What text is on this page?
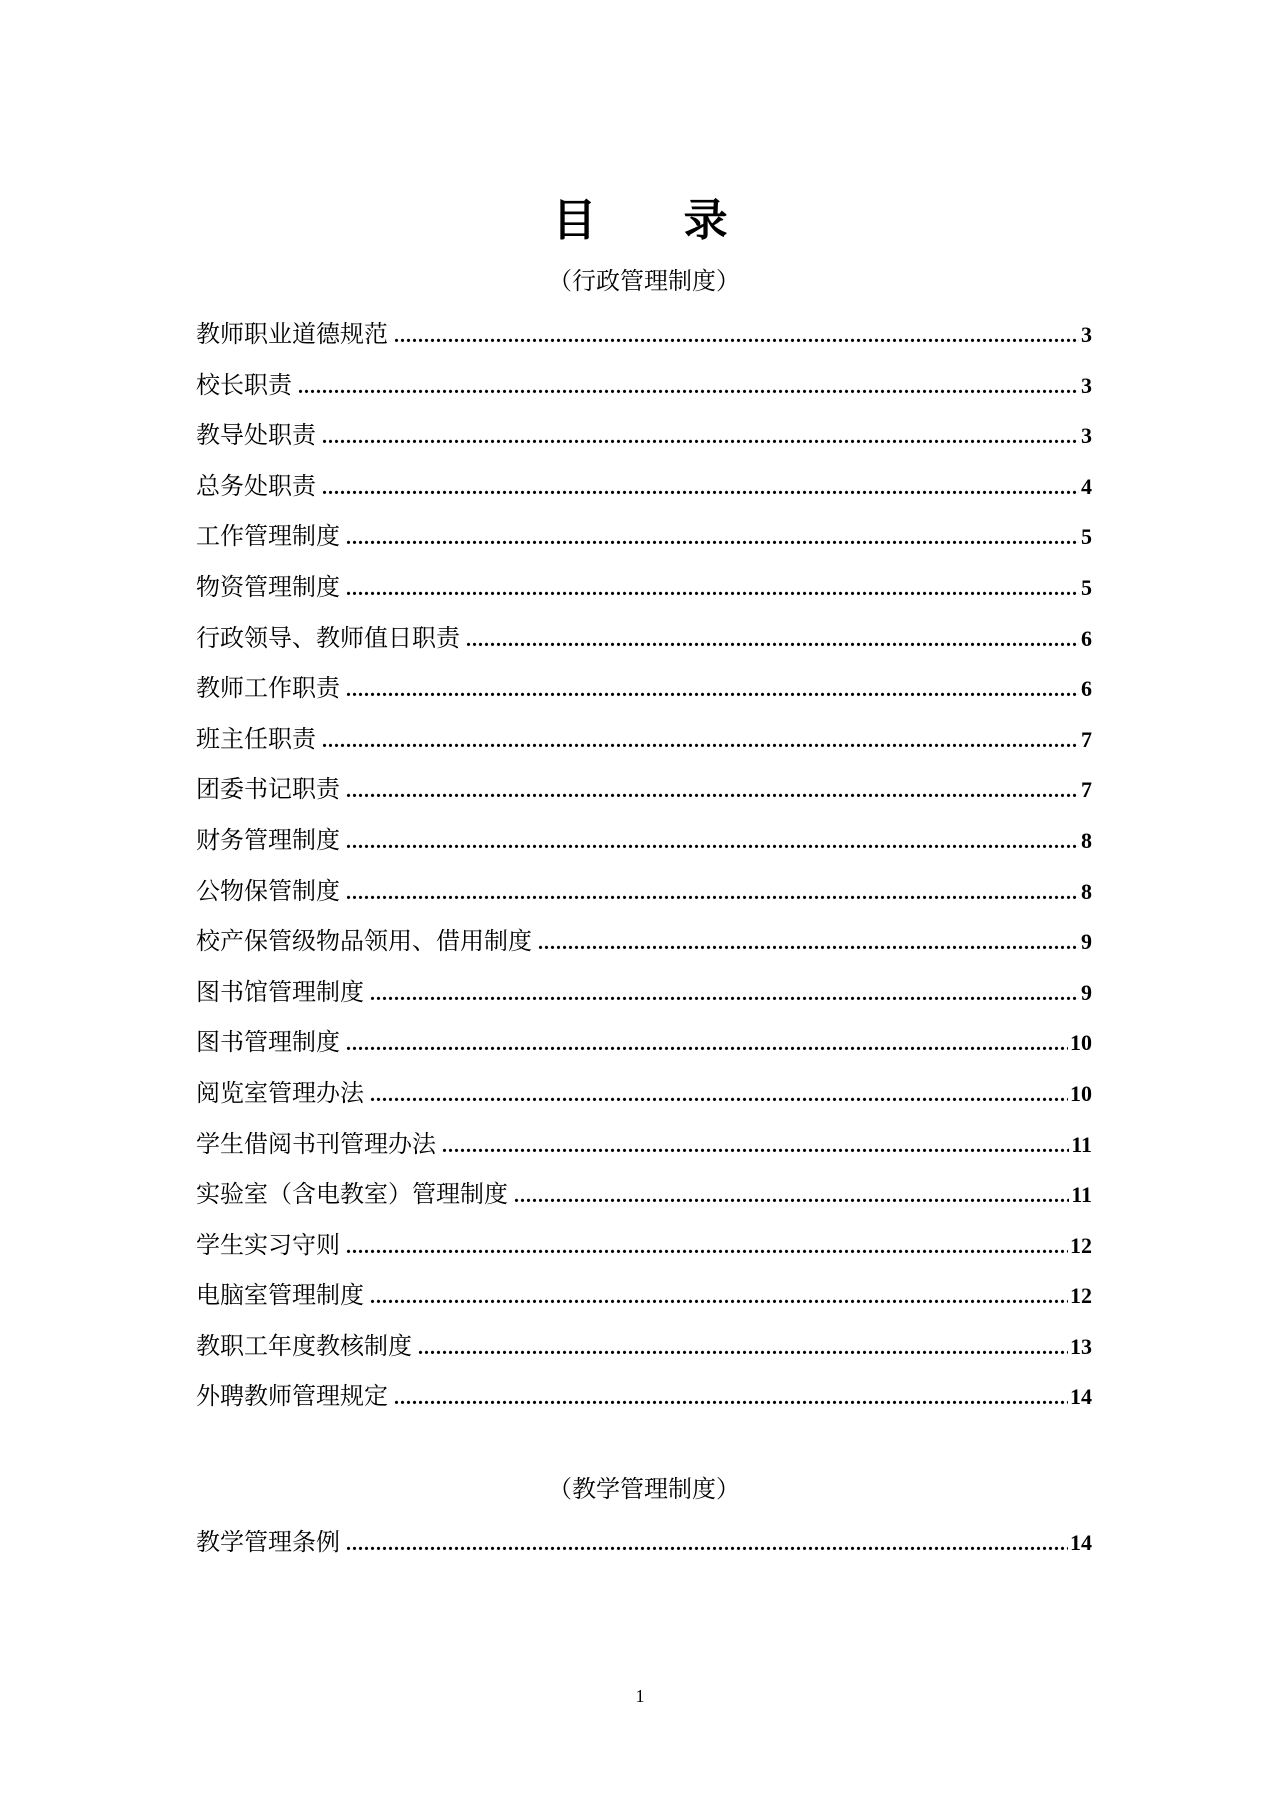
目 录
（行政管理制度）
教师职业道德规范 .....	3
校长职责 .....	3
教导处职责 .....	3
总务处职责 .....	4
工作管理制度 .....	5
物资管理制度 .....	5
行政领导、教师值日职责 .....	6
教师工作职责 .....	6
班主任职责 .....	7
团委书记职责 .....	7
财务管理制度 .....	8
公物保管制度 .....	8
校产保管级物品领用、借用制度 .....	9
图书馆管理制度 .....	9
图书管理制度 .....	10
阅览室管理办法 .....	10
学生借阅书刊管理办法 .....	11
实验室（含电教室）管理制度 .....	11
学生实习守则 .....	12
电脑室管理制度 .....	12
教职工年度教核制度 .....	13
外聘教师管理规定 .....	14
（教学管理制度）
教学管理条例 .....	14
1
